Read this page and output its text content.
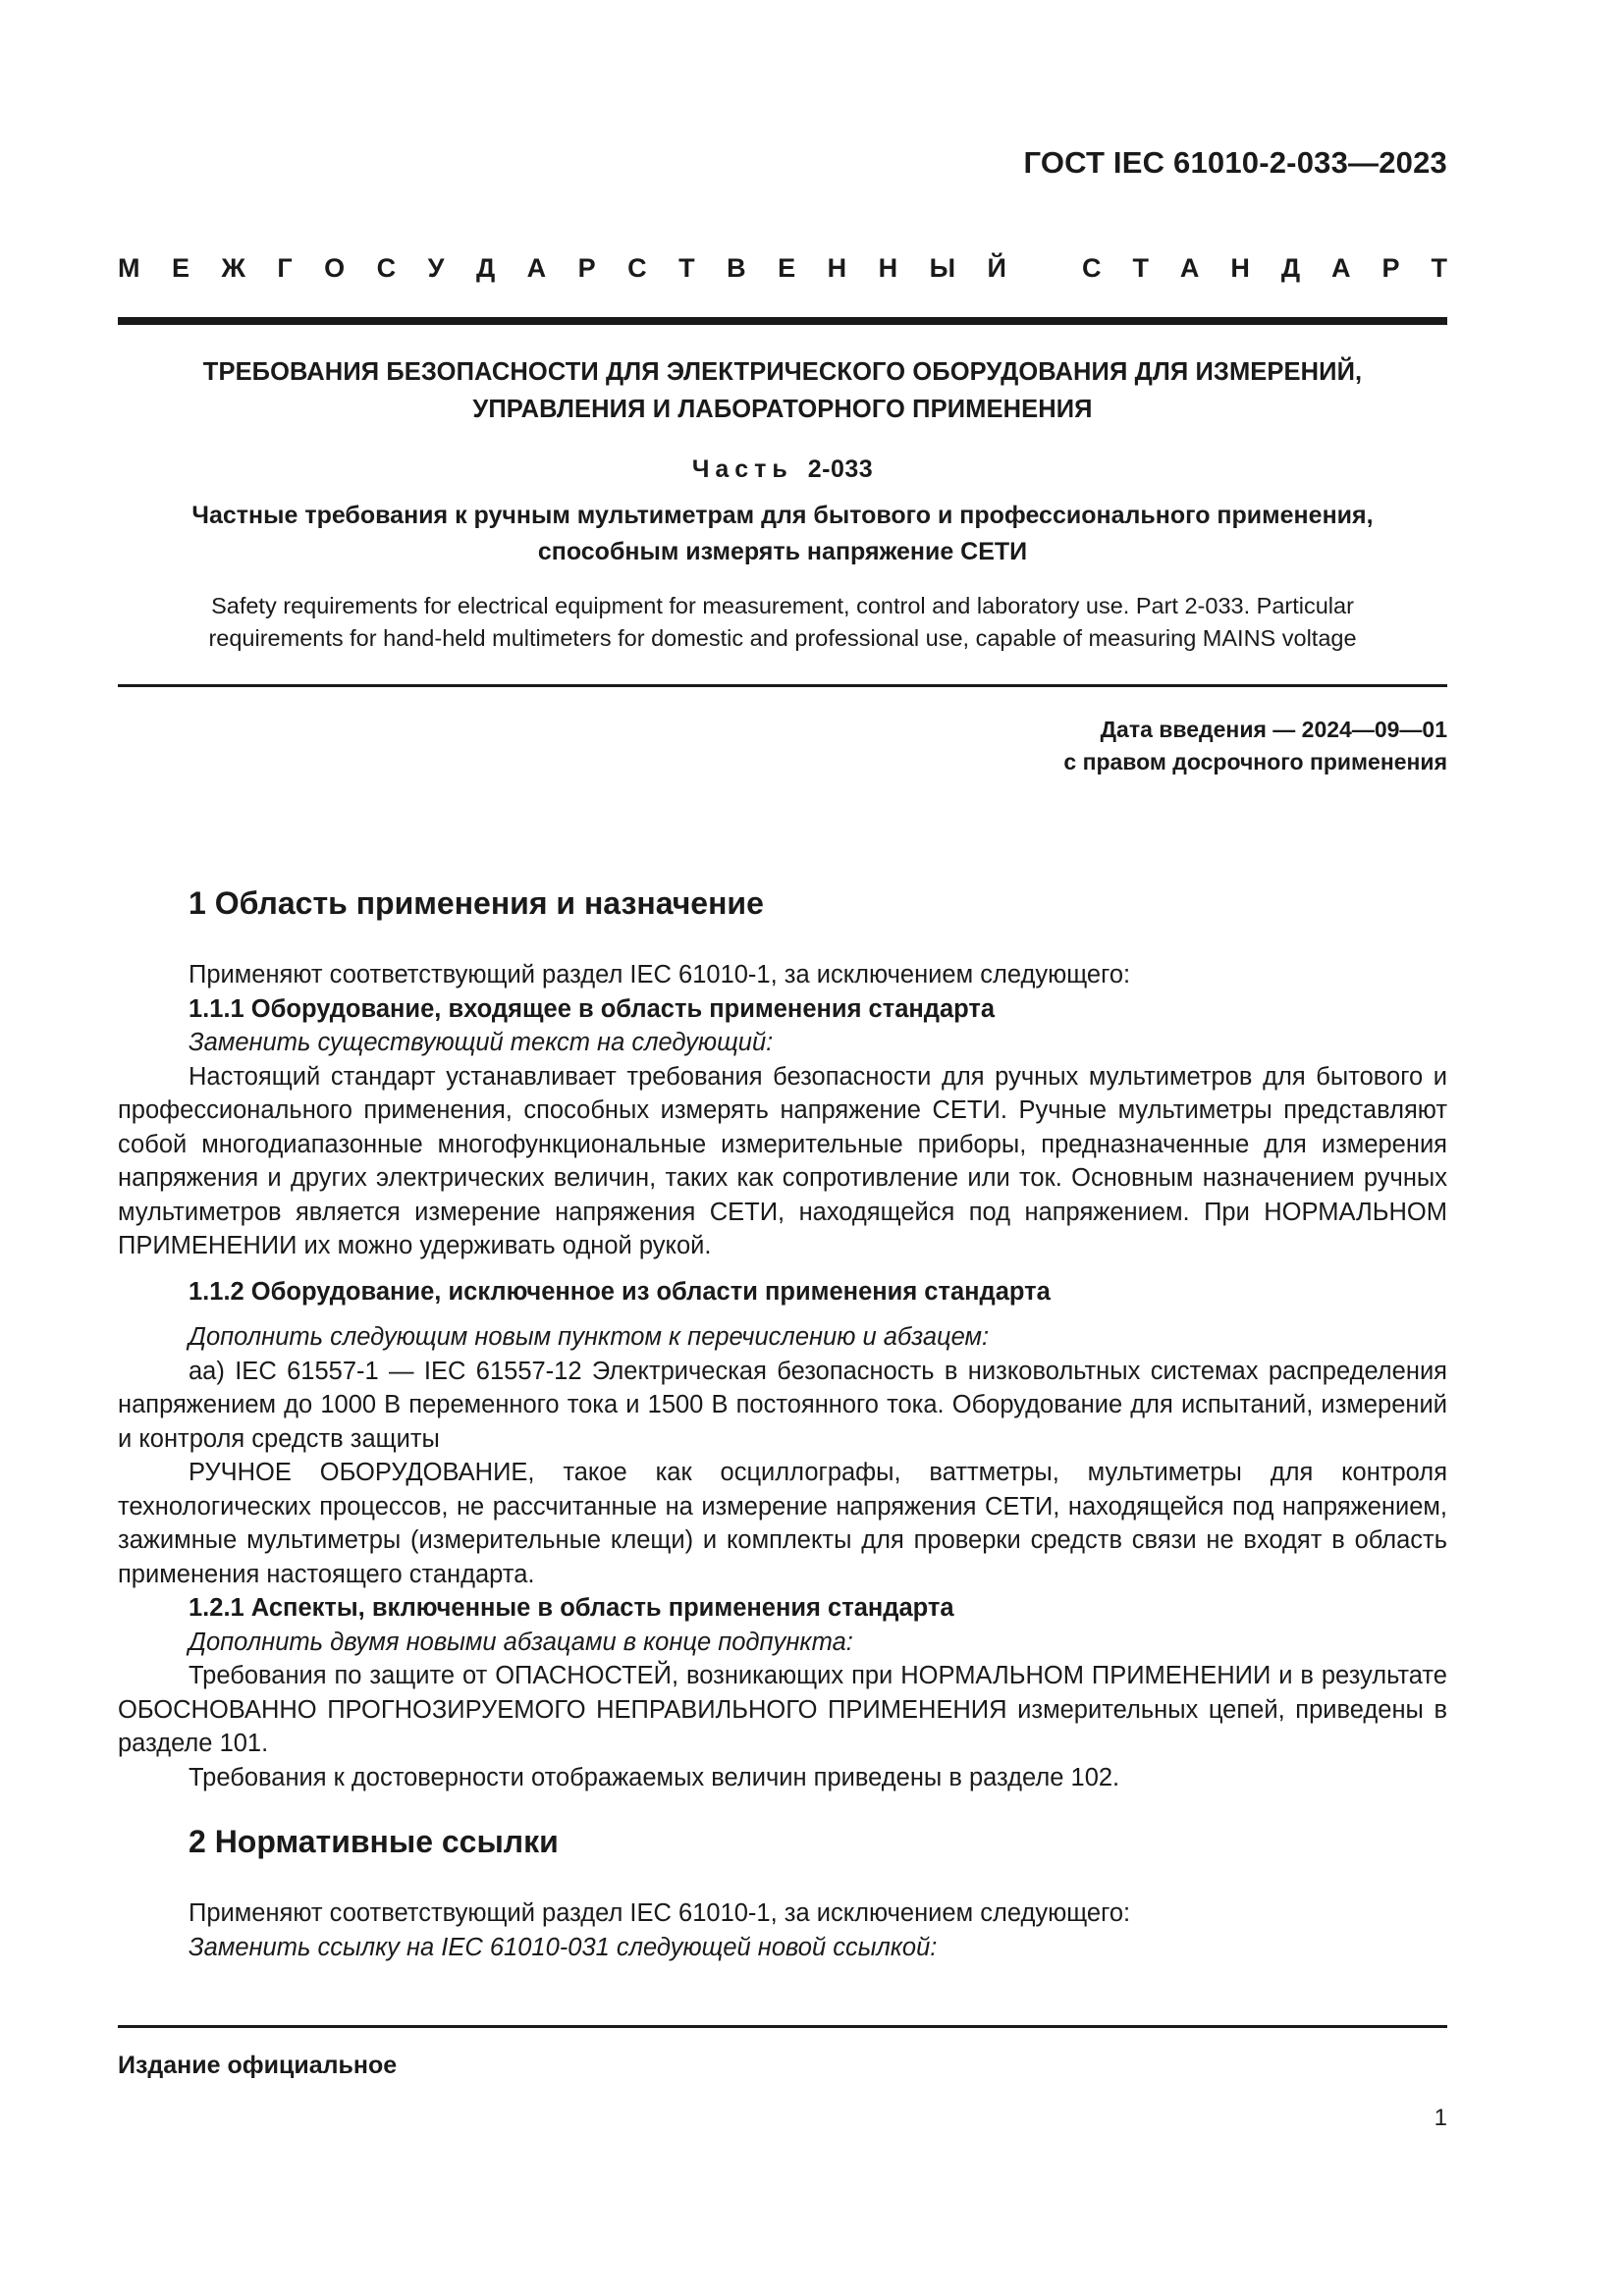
ГОСТ IEC 61010-2-033—2023
М Е Ж Г О С У Д А Р С Т В Е Н Н Ы Й	С Т А Н Д А Р Т
ТРЕБОВАНИЯ БЕЗОПАСНОСТИ ДЛЯ ЭЛЕКТРИЧЕСКОГО ОБОРУДОВАНИЯ ДЛЯ ИЗМЕРЕНИЙ,
УПРАВЛЕНИЯ И ЛАБОРАТОРНОГО ПРИМЕНЕНИЯ
Часть 2-033
Частные требования к ручным мультиметрам для бытового и профессионального применения,
способным измерять напряжение СЕТИ
Safety requirements for electrical equipment for measurement, control and laboratory use. Part 2-033. Particular
requirements for hand-held multimeters for domestic and professional use, capable of measuring MAINS voltage
Дата введения — 2024—09—01
с правом досрочного применения
1 Область применения и назначение

Применяют соответствующий раздел IEC 61010-1, за исключением следующего:

1.1.1 Оборудование, входящее в область применения стандарта

Заменить существующий текст на следующий:

Настоящий стандарт устанавливает требования безопасности для ручных мультиметров для бытового и профессионального применения, способных измерять напряжение СЕТИ. Ручные мультиметры представляют собой многодиапазонные многофункциональные измерительные приборы, предназначенные для измерения напряжения и других электрических величин, таких как сопротивление или ток. Основным назначением ручных мультиметров является измерение напряжения СЕТИ, находящейся под напряжением. При НОРМАЛЬНОМ ПРИМЕНЕНИИ их можно удерживать одной рукой.

1.1.2 Оборудование, исключенное из области применения стандарта

Дополнить следующим новым пунктом к перечислению и абзацем:

аа) IEC 61557-1 — IEC 61557-12 Электрическая безопасность в низковольтных системах распределения напряжением до 1000 В переменного тока и 1500 В постоянного тока. Оборудование для испытаний, измерений и контроля средств защиты

РУЧНОЕ ОБОРУДОВАНИЕ, такое как осциллографы, ваттметры, мультиметры для контроля технологических процессов, не рассчитанные на измерение напряжения СЕТИ, находящейся под напряжением, зажимные мультиметры (измерительные клещи) и комплекты для проверки средств связи не входят в область применения настоящего стандарта.

1.2.1 Аспекты, включенные в область применения стандарта

Дополнить двумя новыми абзацами в конце подпункта:

Требования по защите от ОПАСНОСТЕЙ, возникающих при НОРМАЛЬНОМ ПРИМЕНЕНИИ и в результате ОБОСНОВАННО ПРОГНОЗИРУЕМОГО НЕПРАВИЛЬНОГО ПРИМЕНЕНИЯ измерительных цепей, приведены в разделе 101.

Требования к достоверности отображаемых величин приведены в разделе 102.

2 Нормативные ссылки

Применяют соответствующий раздел IEC 61010-1, за исключением следующего:

Заменить ссылку на IEC 61010-031 следующей новой ссылкой:

Издание официальное
1
